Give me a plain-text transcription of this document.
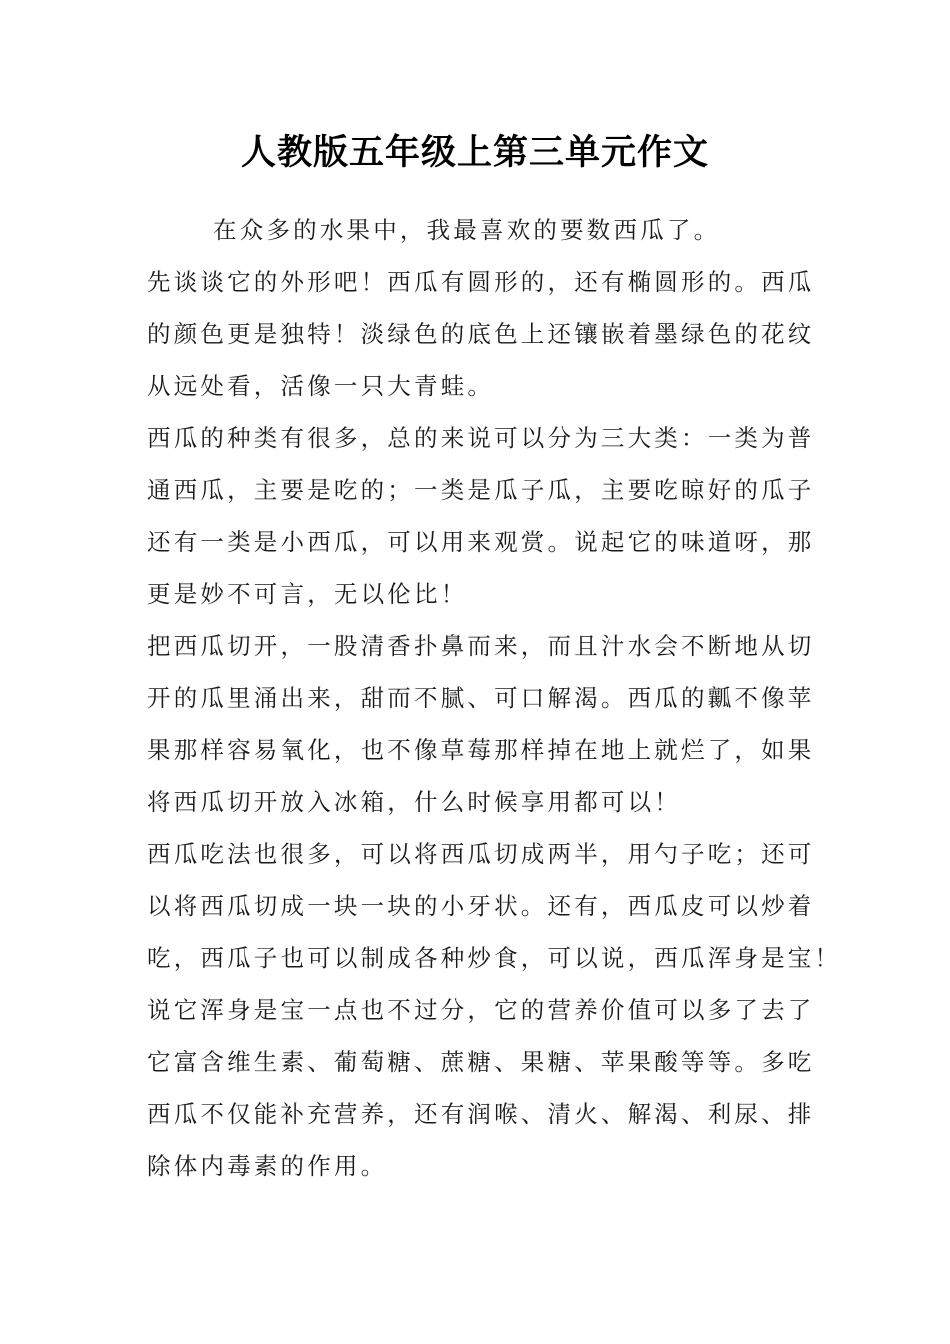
人教版五年级上第三单元作文
在众多的水果中，我最喜欢的要数西瓜了。
先谈谈它的外形吧！西瓜有圆形的，还有椭圆形的。西瓜
的颜色更是独特！淡绿色的底色上还镶嵌着墨绿色的花纹
从远处看，活像一只大青蛙。
西瓜的种类有很多，总的来说可以分为三大类：一类为普
通西瓜，主要是吃的；一类是瓜子瓜，主要吃晾好的瓜子
还有一类是小西瓜，可以用来观赏。说起它的味道呀，那
更是妙不可言，无以伦比！
把西瓜切开，一股清香扑鼻而来，而且汁水会不断地从切
开的瓜里涌出来，甜而不腻、可口解渴。西瓜的瓤不像苹
果那样容易氧化，也不像草莓那样掉在地上就烂了，如果
将西瓜切开放入冰箱，什么时候享用都可以！
西瓜吃法也很多，可以将西瓜切成两半，用勺子吃；还可
以将西瓜切成一块一块的小牙状。还有，西瓜皮可以炒着
吃，西瓜子也可以制成各种炒食，可以说，西瓜浑身是宝！
说它浑身是宝一点也不过分，它的营养价值可以多了去了
它富含维生素、葡萄糖、蔗糖、果糖、苹果酸等等。多吃
西瓜不仅能补充营养，还有润喉、清火、解渴、利尿、排
除体内毒素的作用。
